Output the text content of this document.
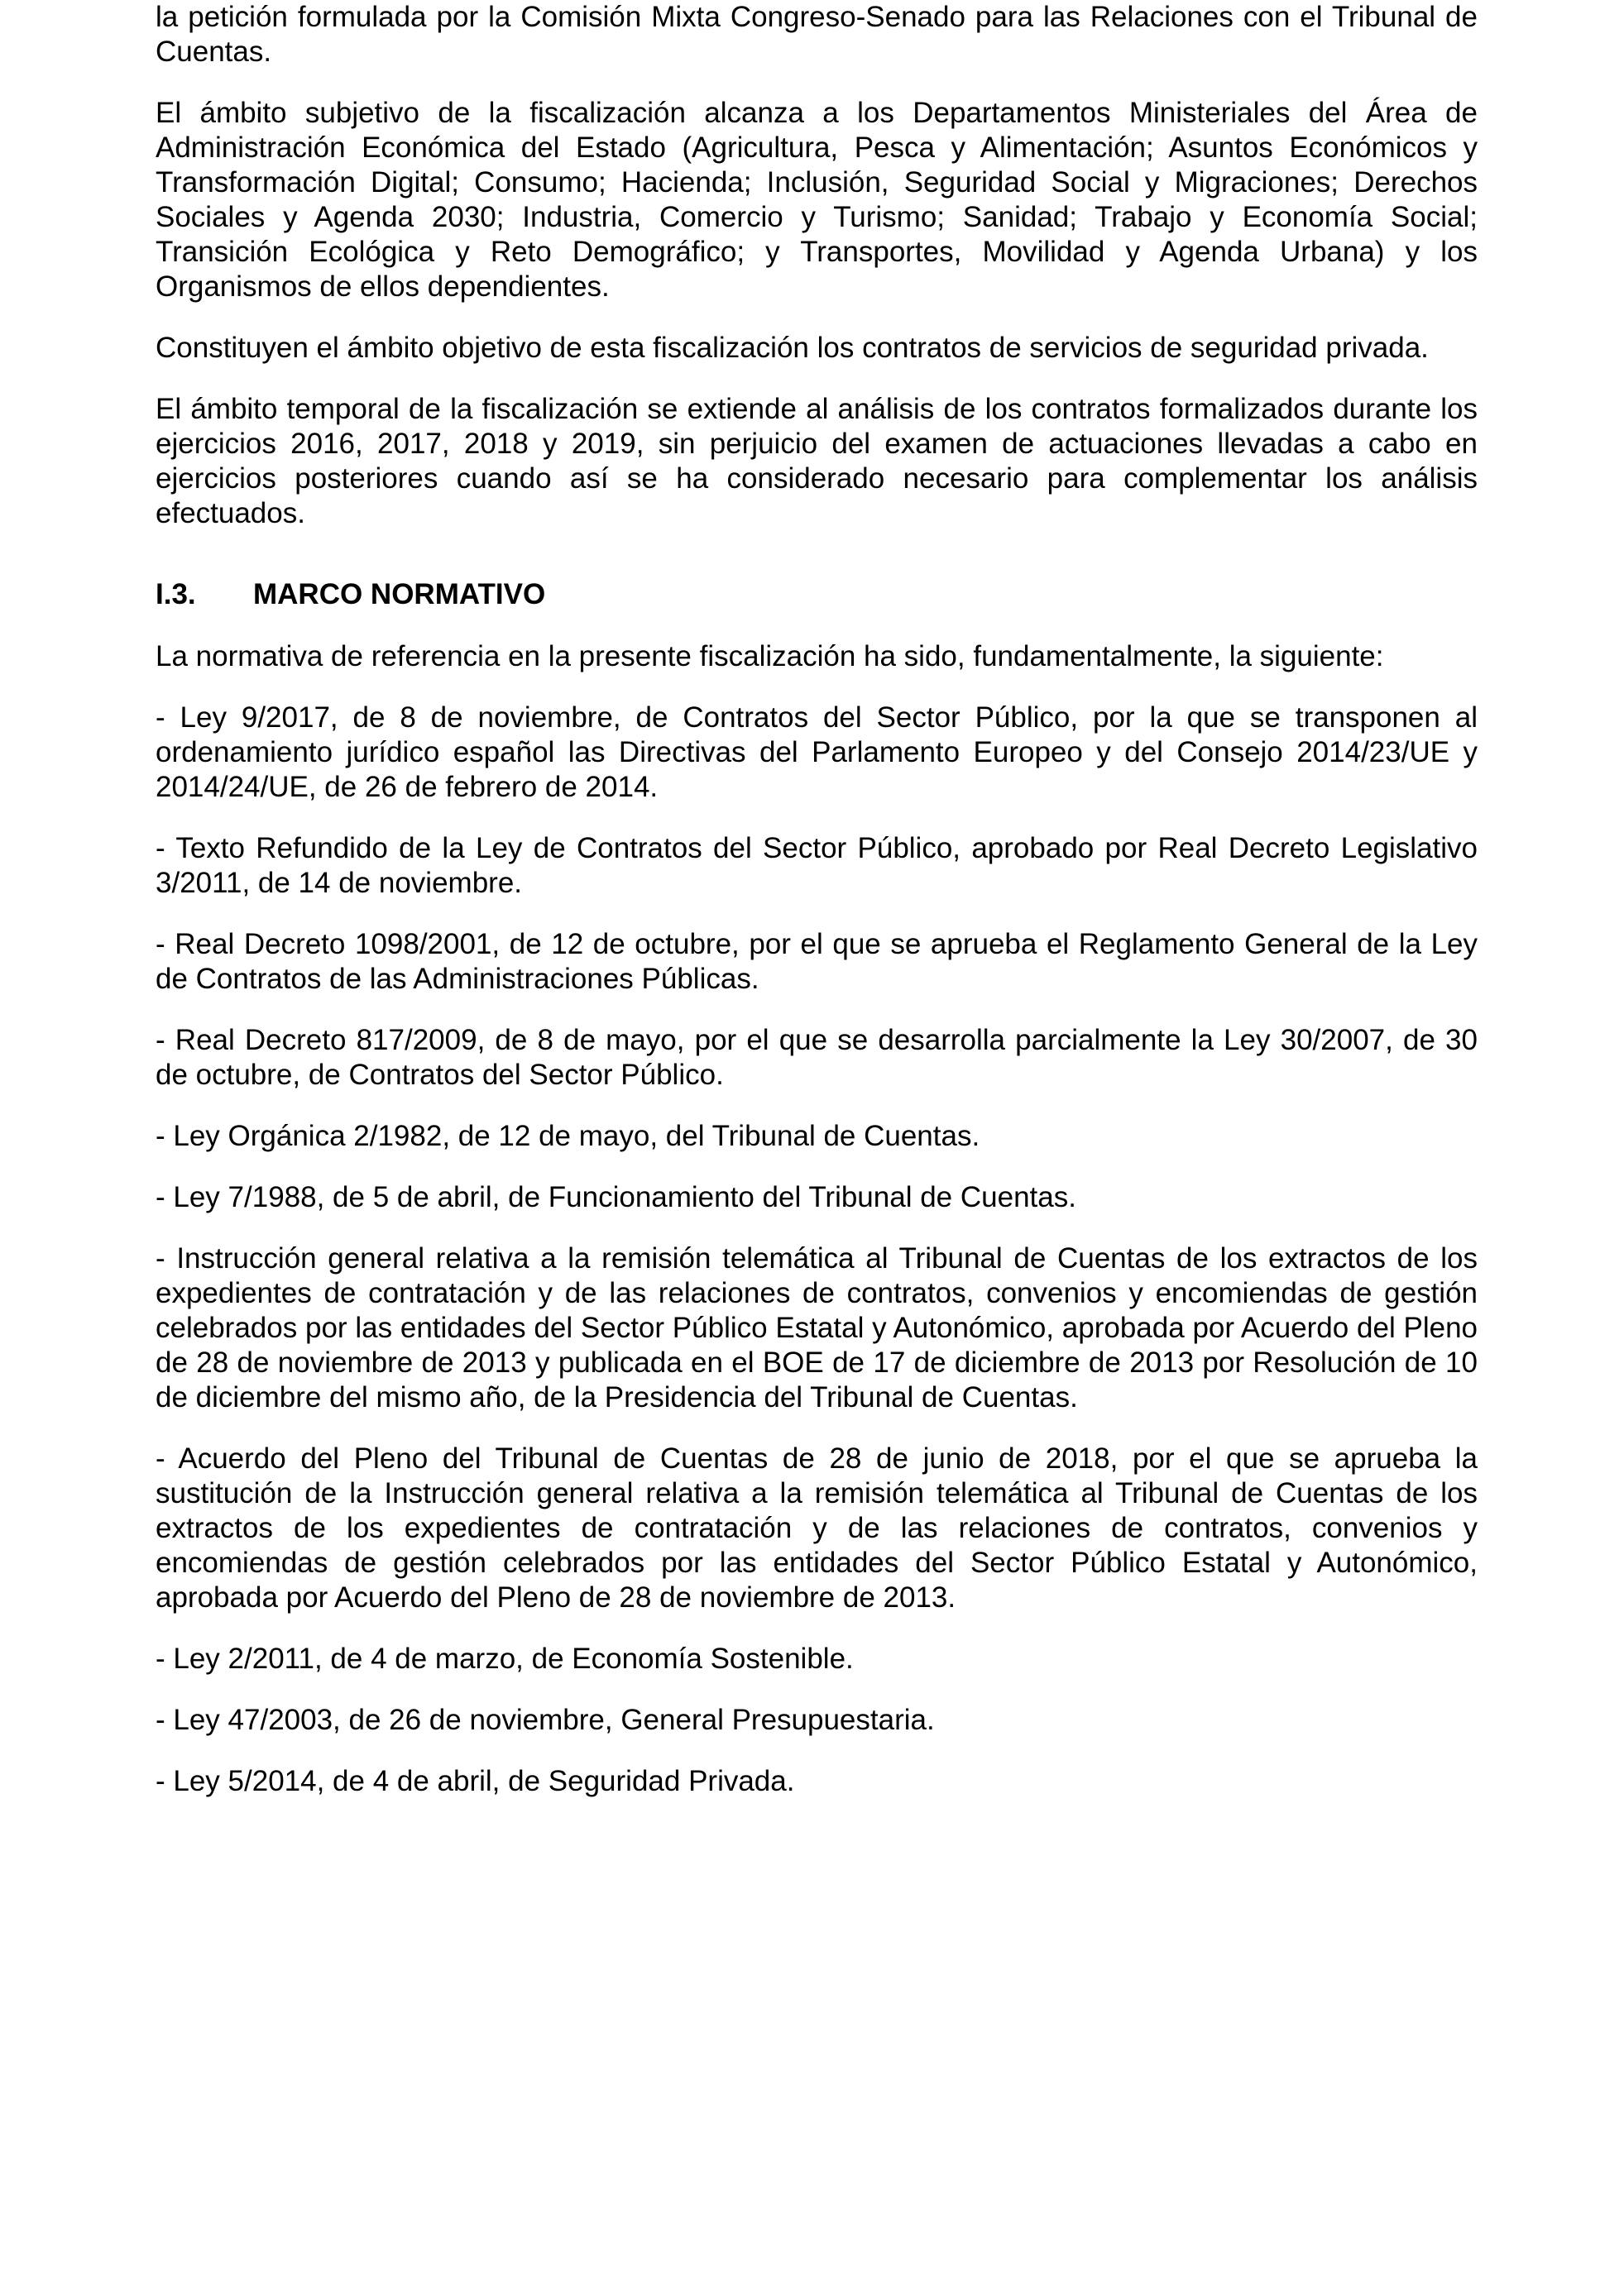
la petición formulada por la Comisión Mixta Congreso-Senado para las Relaciones con el Tribunal de Cuentas.

El ámbito subjetivo de la fiscalización alcanza a los Departamentos Ministeriales del Área de Administración Económica del Estado (Agricultura, Pesca y Alimentación; Asuntos Económicos y Transformación Digital; Consumo; Hacienda; Inclusión, Seguridad Social y Migraciones; Derechos Sociales y Agenda 2030; Industria, Comercio y Turismo; Sanidad; Trabajo y Economía Social; Transición Ecológica y Reto Demográfico; y Transportes, Movilidad y Agenda Urbana) y los Organismos de ellos dependientes.

Constituyen el ámbito objetivo de esta fiscalización los contratos de servicios de seguridad privada.

El ámbito temporal de la fiscalización se extiende al análisis de los contratos formalizados durante los ejercicios 2016, 2017, 2018 y 2019, sin perjuicio del examen de actuaciones llevadas a cabo en ejercicios posteriores cuando así se ha considerado necesario para complementar los análisis efectuados.

I.3.	MARCO NORMATIVO

La normativa de referencia en la presente fiscalización ha sido, fundamentalmente, la siguiente:

- Ley 9/2017, de 8 de noviembre, de Contratos del Sector Público, por la que se transponen al ordenamiento jurídico español las Directivas del Parlamento Europeo y del Consejo 2014/23/UE y 2014/24/UE, de 26 de febrero de 2014.

- Texto Refundido de la Ley de Contratos del Sector Público, aprobado por Real Decreto Legislativo 3/2011, de 14 de noviembre.

- Real Decreto 1098/2001, de 12 de octubre, por el que se aprueba el Reglamento General de la Ley de Contratos de las Administraciones Públicas.

- Real Decreto 817/2009, de 8 de mayo, por el que se desarrolla parcialmente la Ley 30/2007, de 30 de octubre, de Contratos del Sector Público.

- Ley Orgánica 2/1982, de 12 de mayo, del Tribunal de Cuentas.

- Ley 7/1988, de 5 de abril, de Funcionamiento del Tribunal de Cuentas.

- Instrucción general relativa a la remisión telemática al Tribunal de Cuentas de los extractos de los expedientes de contratación y de las relaciones de contratos, convenios y encomiendas de gestión celebrados por las entidades del Sector Público Estatal y Autonómico, aprobada por Acuerdo del Pleno de 28 de noviembre de 2013 y publicada en el BOE de 17 de diciembre de 2013 por Resolución de 10 de diciembre del mismo año, de la Presidencia del Tribunal de Cuentas.

- Acuerdo del Pleno del Tribunal de Cuentas de 28 de junio de 2018, por el que se aprueba la sustitución de la Instrucción general relativa a la remisión telemática al Tribunal de Cuentas de los extractos de los expedientes de contratación y de las relaciones de contratos, convenios y encomiendas de gestión celebrados por las entidades del Sector Público Estatal y Autonómico, aprobada por Acuerdo del Pleno de 28 de noviembre de 2013.

- Ley 2/2011, de 4 de marzo, de Economía Sostenible.

- Ley 47/2003, de 26 de noviembre, General Presupuestaria.

- Ley 5/2014, de 4 de abril, de Seguridad Privada.
